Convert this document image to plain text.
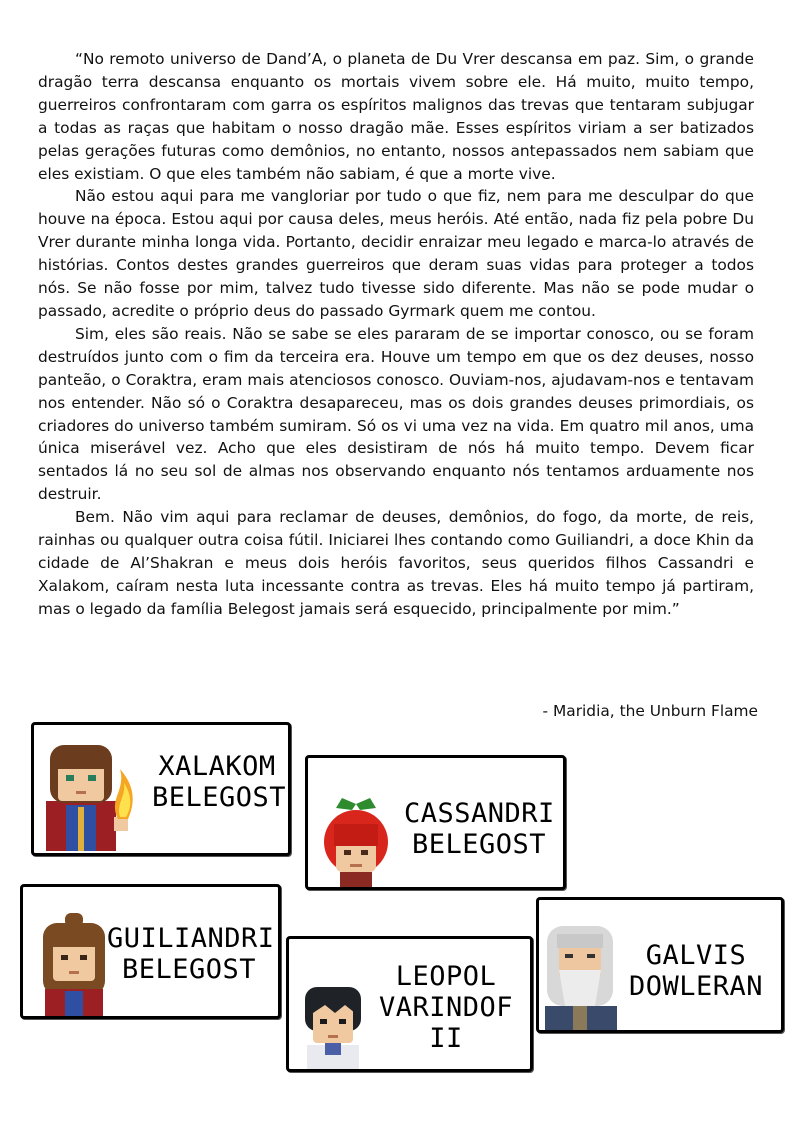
“No remoto universo de Dand’A, o planeta de Du Vrer descansa em paz. Sim, o grande dragão terra descansa enquanto os mortais vivem sobre ele. Há muito, muito tempo, guerreiros confrontaram com garra os espíritos malignos das trevas que tentaram subjugar a todas as raças que habitam o nosso dragão mãe. Esses espíritos viriam a ser batizados pelas gerações futuras como demônios, no entanto, nossos antepassados nem sabiam que eles existiam. O que eles também não sabiam, é que a morte vive.

Não estou aqui para me vangloriar por tudo o que fiz, nem para me desculpar do que houve na época. Estou aqui por causa deles, meus heróis. Até então, nada fiz pela pobre Du Vrer durante minha longa vida. Portanto, decidir enraizar meu legado e marca-lo através de histórias. Contos destes grandes guerreiros que deram suas vidas para proteger a todos nós. Se não fosse por mim, talvez tudo tivesse sido diferente. Mas não se pode mudar o passado, acredite o próprio deus do passado Gyrmark quem me contou.

Sim, eles são reais. Não se sabe se eles pararam de se importar conosco, ou se foram destruídos junto com o fim da terceira era. Houve um tempo em que os dez deuses, nosso panteão, o Coraktra, eram mais atenciosos conosco. Ouviam-nos, ajudavam-nos e tentavam nos entender. Não só o Coraktra desapareceu, mas os dois grandes deuses primordiais, os criadores do universo também sumiram. Só os vi uma vez na vida. Em quatro mil anos, uma única miserável vez. Acho que eles desistiram de nós há muito tempo. Devem ficar sentados lá no seu sol de almas nos observando enquanto nós tentamos arduamente nos destruir.

Bem. Não vim aqui para reclamar de deuses, demônios, do fogo, da morte, de reis, rainhas ou qualquer outra coisa fútil. Iniciarei lhes contando como Guiliandri, a doce Khin da cidade de Al’Shakran e meus dois heróis favoritos, seus queridos filhos Cassandri e Xalakom, caíram nesta luta incessante contra as trevas. Eles há muito tempo já partiram, mas o legado da família Belegost jamais será esquecido, principalmente por mim.”

- Maridia, the Unburn Flame
XALAKOM
BELEGOST
CASSANDRI
BELEGOST
GUILIANDRI
BELEGOST	LEOPOL
VARINDOF
II
GALVIS
DOWLERAN
